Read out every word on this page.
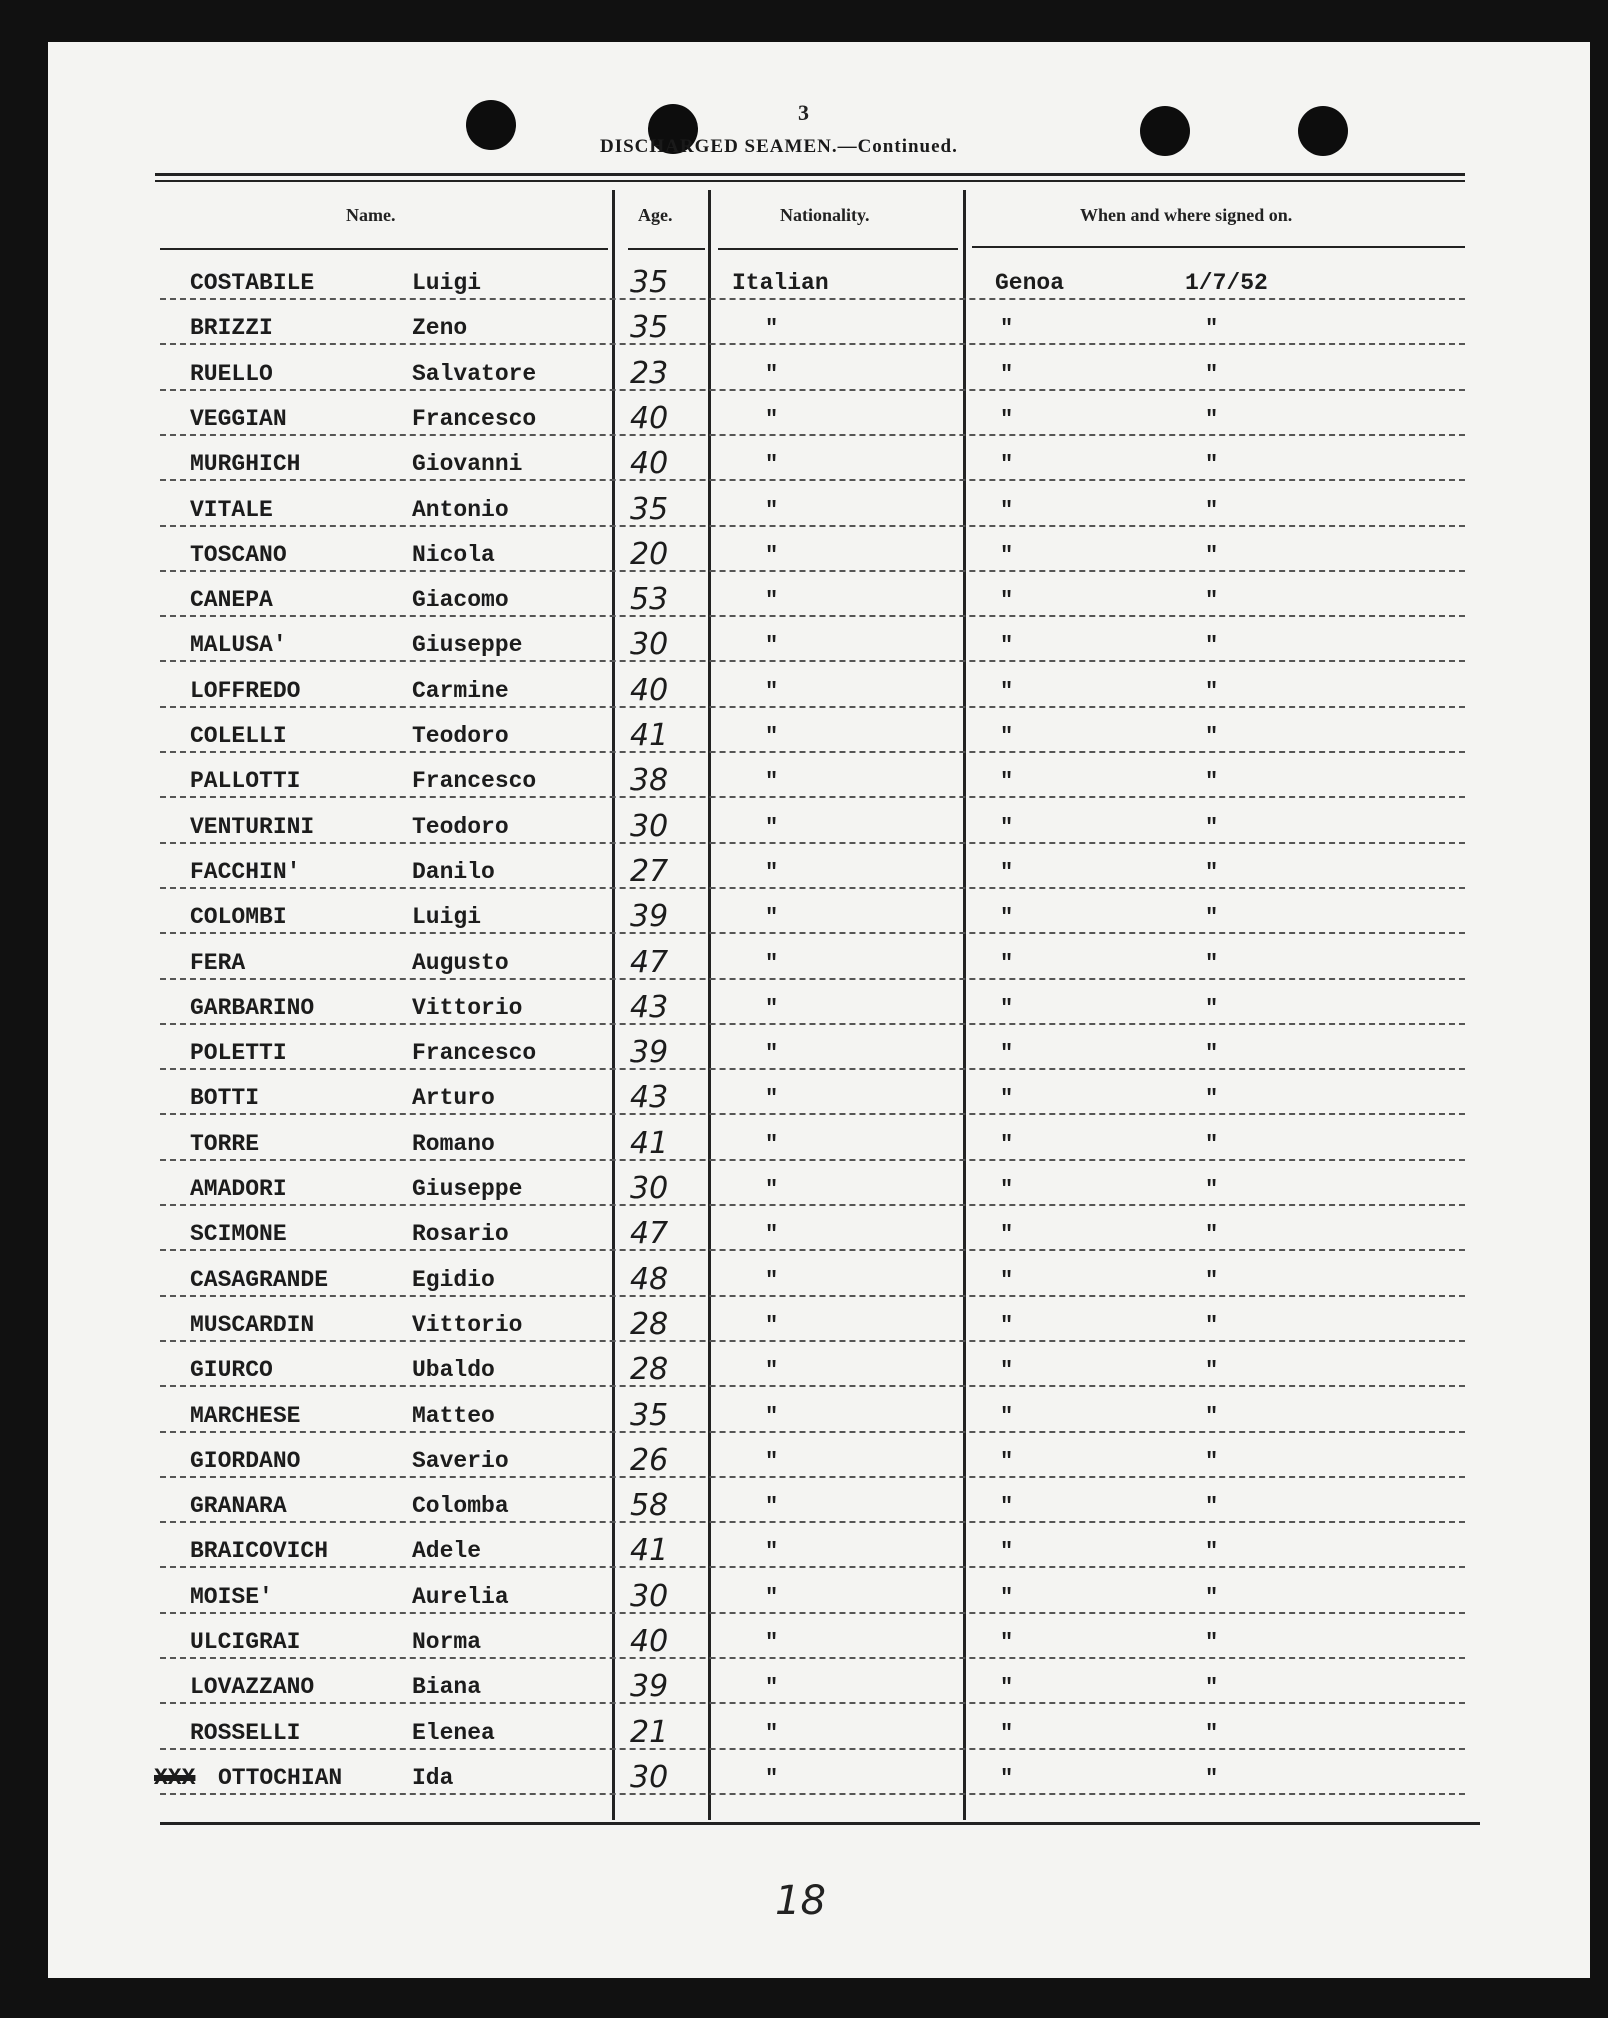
3
DISCHARGED SEAMEN.—Continued.
Name.	Age.	Nationality.	When and where signed on.
COSTABILE	Luigi	35	Italian	Genoa	1/7/52
BRIZZI	Zeno	35	"	"	"
RUELLO	Salvatore	23	"	"	"
VEGGIAN	Francesco	40	"	"	"
MURGHICH	Giovanni	40	"	"	"
VITALE	Antonio	35	"	"	"
TOSCANO	Nicola	20	"	"	"
CANEPA	Giacomo	53	"	"	"
MALUSA'	Giuseppe	30	"	"	"
LOFFREDO	Carmine	40	"	"	"
COLELLI	Teodoro	41	"	"	"
PALLOTTI	Francesco	38	"	"	"
VENTURINI	Teodoro	30	"	"	"
FACCHIN'	Danilo	27	"	"	"
COLOMBI	Luigi	39	"	"	"
FERA	Augusto	47	"	"	"
GARBARINO	Vittorio	43	"	"	"
POLETTI	Francesco	39	"	"	"
BOTTI	Arturo	43	"	"	"
TORRE	Romano	41	"	"	"
AMADORI	Giuseppe	30	"	"	"
SCIMONE	Rosario	47	"	"	"
CASAGRANDE	Egidio	48	"	"	"
MUSCARDIN	Vittorio	28	"	"	"
GIURCO	Ubaldo	28	"	"	"
MARCHESE	Matteo	35	"	"	"
GIORDANO	Saverio	26	"	"	"
GRANARA	Colomba	58	"	"	"
BRAICOVICH	Adele	41	"	"	"
MOISE'	Aurelia	30	"	"	"
ULCIGRAI	Norma	40	"	"	"
LOVAZZANO	Biana	39	"	"	"
ROSSELLI	Elenea	21	"	"	"
XXX OTTOCHIAN	Ida	30	"	"	"
18
